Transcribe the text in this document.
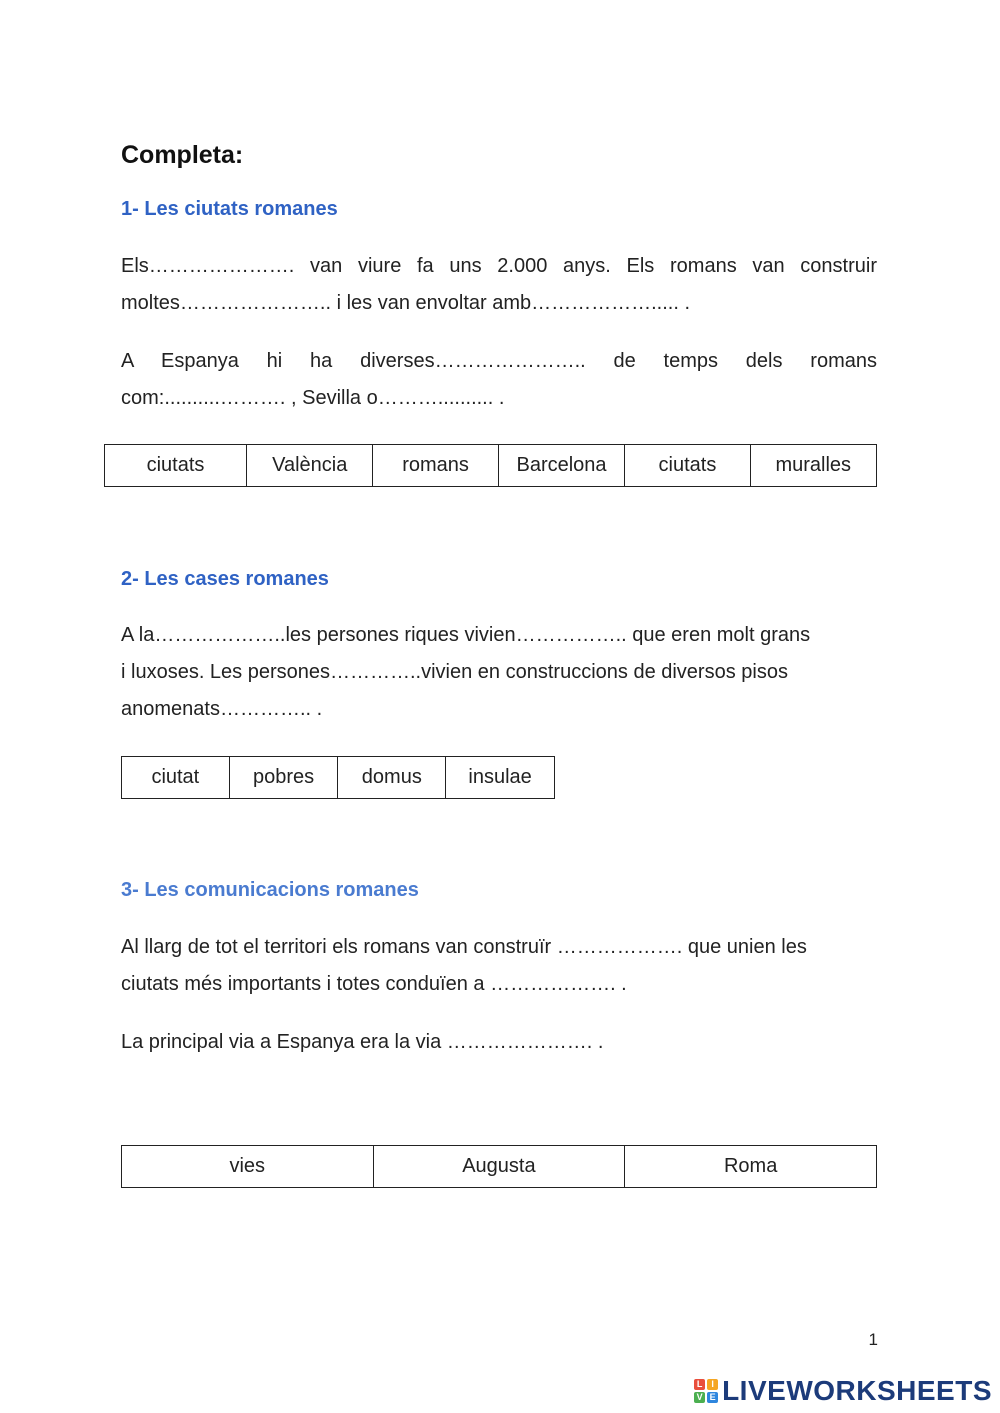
Completa:
1- Les ciutats romanes

Els…………………. van viure fa uns 2.000 anys. Els romans van construir
moltes………………….. i les van envoltar amb………………..... .

A Espanya hi ha diverses………………….. de temps dels romans
com:..........………. , Sevilla o……….......... .

ciutats	València	romans	Barcelona	ciutats	muralles
2- Les cases romanes

A la………………..les persones riques vivien…………….. que eren molt grans
i luxoses. Les persones…………..vivien en construccions de diversos pisos
anomenats………….. .

ciutat	pobres	domus	insulae
3- Les comunicacions romanes

Al llarg de tot el territori els romans van construïr ………………. que unien les
ciutats més importants i totes conduïen a ………………. .

La principal via a Espanya era la via …………………. .

vies	Augusta	Roma
1
L I
V E LIVEWORKSHEETS
